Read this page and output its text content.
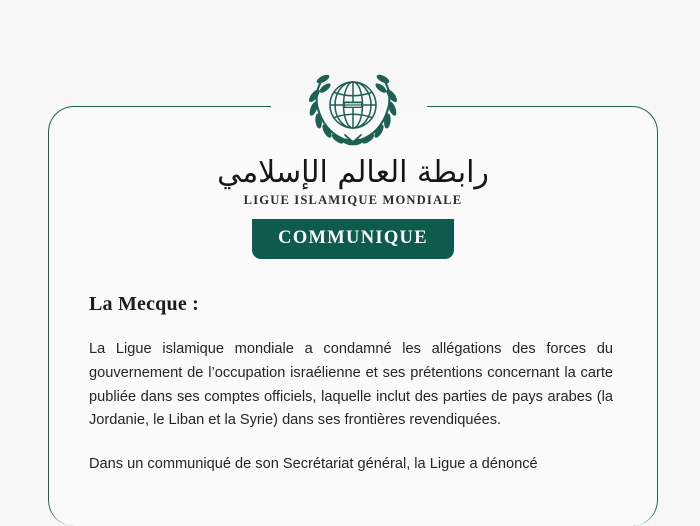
رابطة العالم الإسلامي
LIGUE ISLAMIQUE MONDIALE
COMMUNIQUE

La Mecque :

La Ligue islamique mondiale a condamné les allégations des forces du gouvernement de l’occupation israélienne et ses prétentions concernant la carte publiée dans ses comptes officiels, laquelle inclut des parties de pays arabes (la Jordanie, le Liban et la Syrie) dans ses frontières revendiquées.

Dans un communiqué de son Secrétariat général, la Ligue a dénoncé
